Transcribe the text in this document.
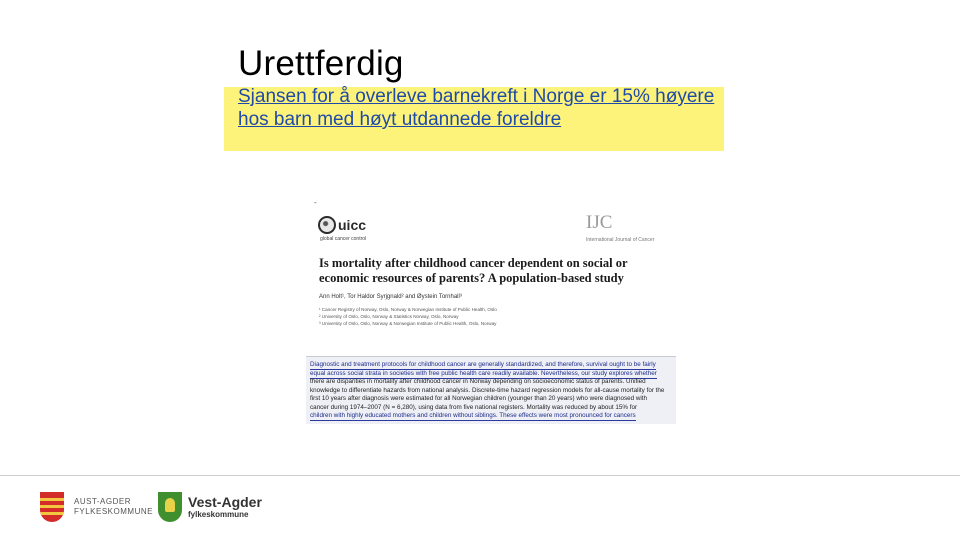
Urettferdig
Sjansen for å overleve barnekreft i Norge er 15% høyere hos barn med høyt utdannede foreldre
-
uicc
global cancer control
IJC
International Journal of Cancer
Is mortality after childhood cancer dependent on social or economic resources of parents? A population-based study
Ann Holt¹, Tor Haldor Syrjgnald² and Øystein Tornhall³
¹ Cancer Registry of Norway, Oslo, Norway & Norwegian Institute of Public Health, Oslo
² University of Oslo, Oslo, Norway & Statistics Norway, Oslo, Norway
³ University of Oslo, Oslo, Norway & Norwegian Institute of Public Health, Oslo, Norway
Diagnostic and treatment protocols for childhood cancer are generally standardized, and therefore, survival ought to be fairly
equal across social strata in societies with free public health care readily available. Nevertheless, our study explores whether
there are disparities in mortality after childhood cancer in Norway depending on socioeconomic status of parents. Unified
knowledge to differentiate hazards from national analysis. Discrete-time hazard regression models for all-cause mortality for the
first 10 years after diagnosis were estimated for all Norwegian children (younger than 20 years) who were diagnosed with
cancer during 1974–2007 (N = 6,280), using data from five national registers. Mortality was reduced by about 15% for
children with highly educated mothers and children without siblings. These effects were most pronounced for cancers
AUST-AGDER
FYLKESKOMMUNE
Vest-Agder
fylkeskommune
